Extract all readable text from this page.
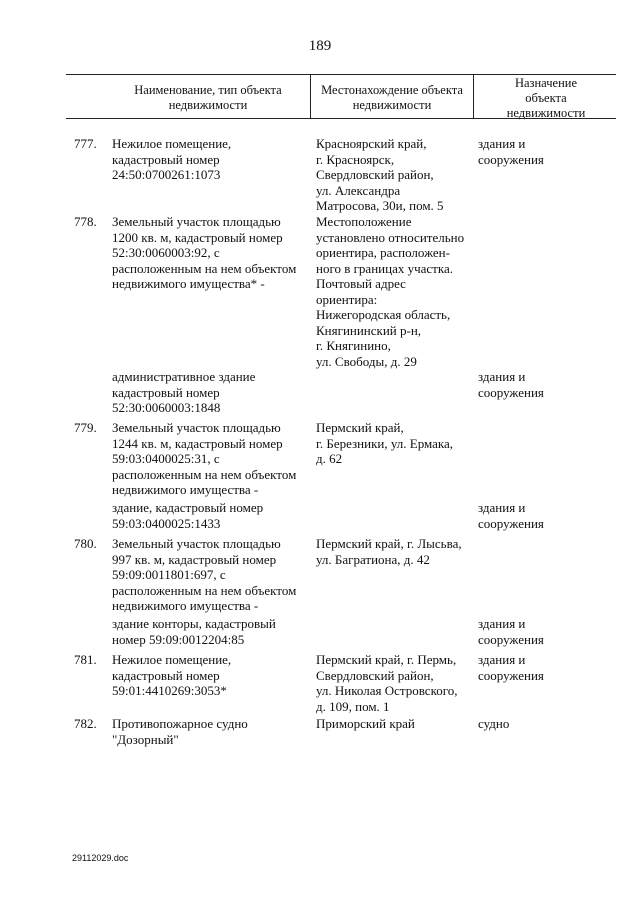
189
Наименование, тип объекта
недвижимости
Местонахождение объекта
недвижимости
Назначение
объекта
недвижимости
777. Нежилое помещение,
кадастровый номер
24:50:0700261:1073
Красноярский край,
г. Красноярск,
Свердловский район,
ул. Александра
Матросова, 30и, пом. 5
здания и
сооружения
778. Земельный участок площадью
1200 кв. м, кадастровый номер
52:30:0060003:92, с
расположенным на нем объектом
недвижимого имущества* -
Местоположение
установлено относительно
ориентира, расположен-
ного в границах участка.
Почтовый адрес
ориентира:
Нижегородская область,
Княгининский р-н,
г. Княгинино,
ул. Свободы, д. 29
административное здание
кадастровый номер
52:30:0060003:1848
здания и
сооружения
779. Земельный участок площадью
1244 кв. м, кадастровый номер
59:03:0400025:31, с
расположенным на нем объектом
недвижимого имущества -
Пермский край,
г. Березники, ул. Ермака,
д. 62
здание, кадастровый номер
59:03:0400025:1433
здания и
сооружения
780. Земельный участок площадью
997 кв. м, кадастровый номер
59:09:0011801:697, с
расположенным на нем объектом
недвижимого имущества -
Пермский край, г. Лысьва,
ул. Багратиона, д. 42
здание конторы, кадастровый
номер 59:09:0012204:85
здания и
сооружения
781. Нежилое помещение,
кадастровый номер
59:01:4410269:3053*
Пермский край, г. Пермь,
Свердловский район,
ул. Николая Островского,
д. 109, пом. 1
здания и
сооружения
782. Противопожарное судно
"Дозорный"
Приморский край	судно
29112029.doc
